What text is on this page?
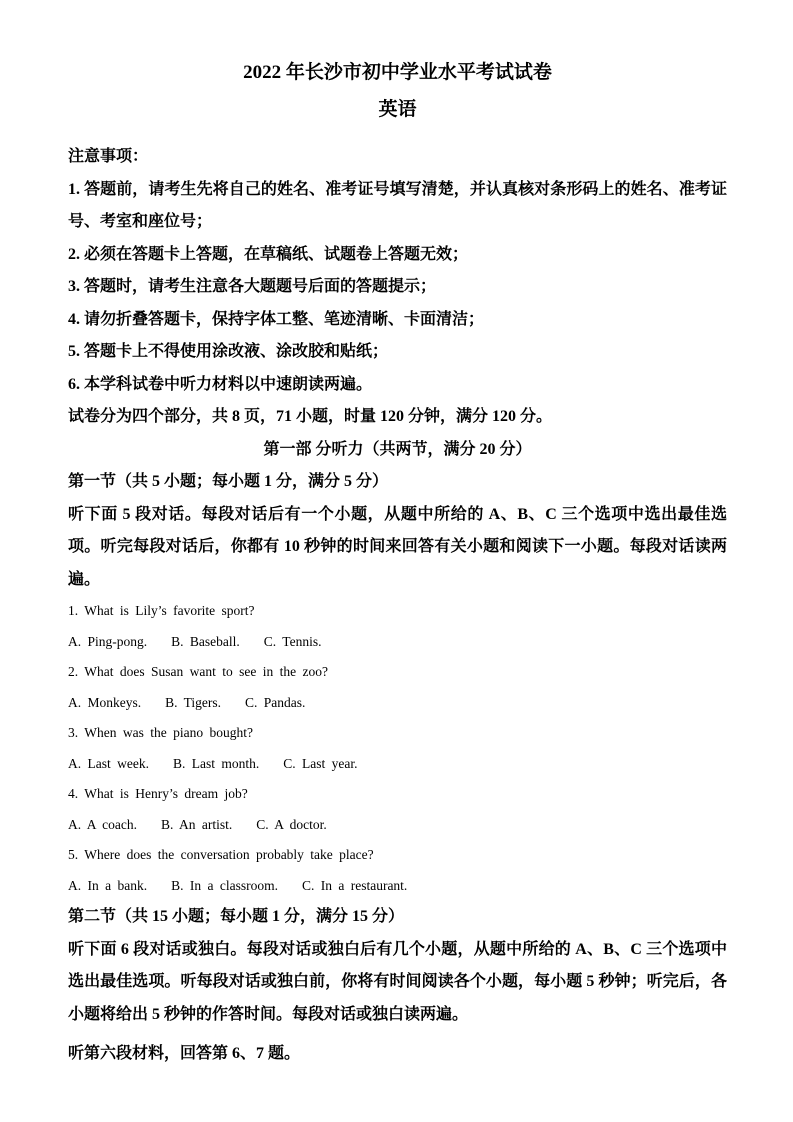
2022 年长沙市初中学业水平考试试卷
英语

注意事项：

1. 答题前，请考生先将自己的姓名、准考证号填写清楚，并认真核对条形码上的姓名、准考证号、考室和座位号；

2. 必须在答题卡上答题，在草稿纸、试题卷上答题无效；

3. 答题时，请考生注意各大题题号后面的答题提示；

4. 请勿折叠答题卡，保持字体工整、笔迹清晰、卡面清洁；

5. 答题卡上不得使用涂改液、涂改胶和贴纸；

6. 本学科试卷中听力材料以中速朗读两遍。

试卷分为四个部分，共 8 页，71 小题，时量 120 分钟，满分 120 分。

第一部 分听力（共两节，满分 20 分）

第一节（共 5 小题；每小题 1 分，满分 5 分）

听下面 5 段对话。每段对话后有一个小题，从题中所给的 A、B、C 三个选项中选出最佳选项。听完每段对话后，你都有 10 秒钟的时间来回答有关小题和阅读下一小题。每段对话读两遍。

1. What is Lily’s favorite sport?

A. Ping-pong. B. Baseball. C. Tennis.

2. What does Susan want to see in the zoo?

A. Monkeys. B. Tigers. C. Pandas.

3. When was the piano bought?

A. Last week. B. Last month. C. Last year.

4. What is Henry’s dream job?

A. A coach. B. An artist. C. A doctor.

5. Where does the conversation probably take place?

A. In a bank. B. In a classroom. C. In a restaurant.

第二节（共 15 小题；每小题 1 分，满分 15 分）

听下面 6 段对话或独白。每段对话或独白后有几个小题，从题中所给的 A、B、C 三个选项中选出最佳选项。听每段对话或独白前，你将有时间阅读各个小题，每小题 5 秒钟；听完后，各小题将给出 5 秒钟的作答时间。每段对话或独白读两遍。

听第六段材料，回答第 6、7 题。
